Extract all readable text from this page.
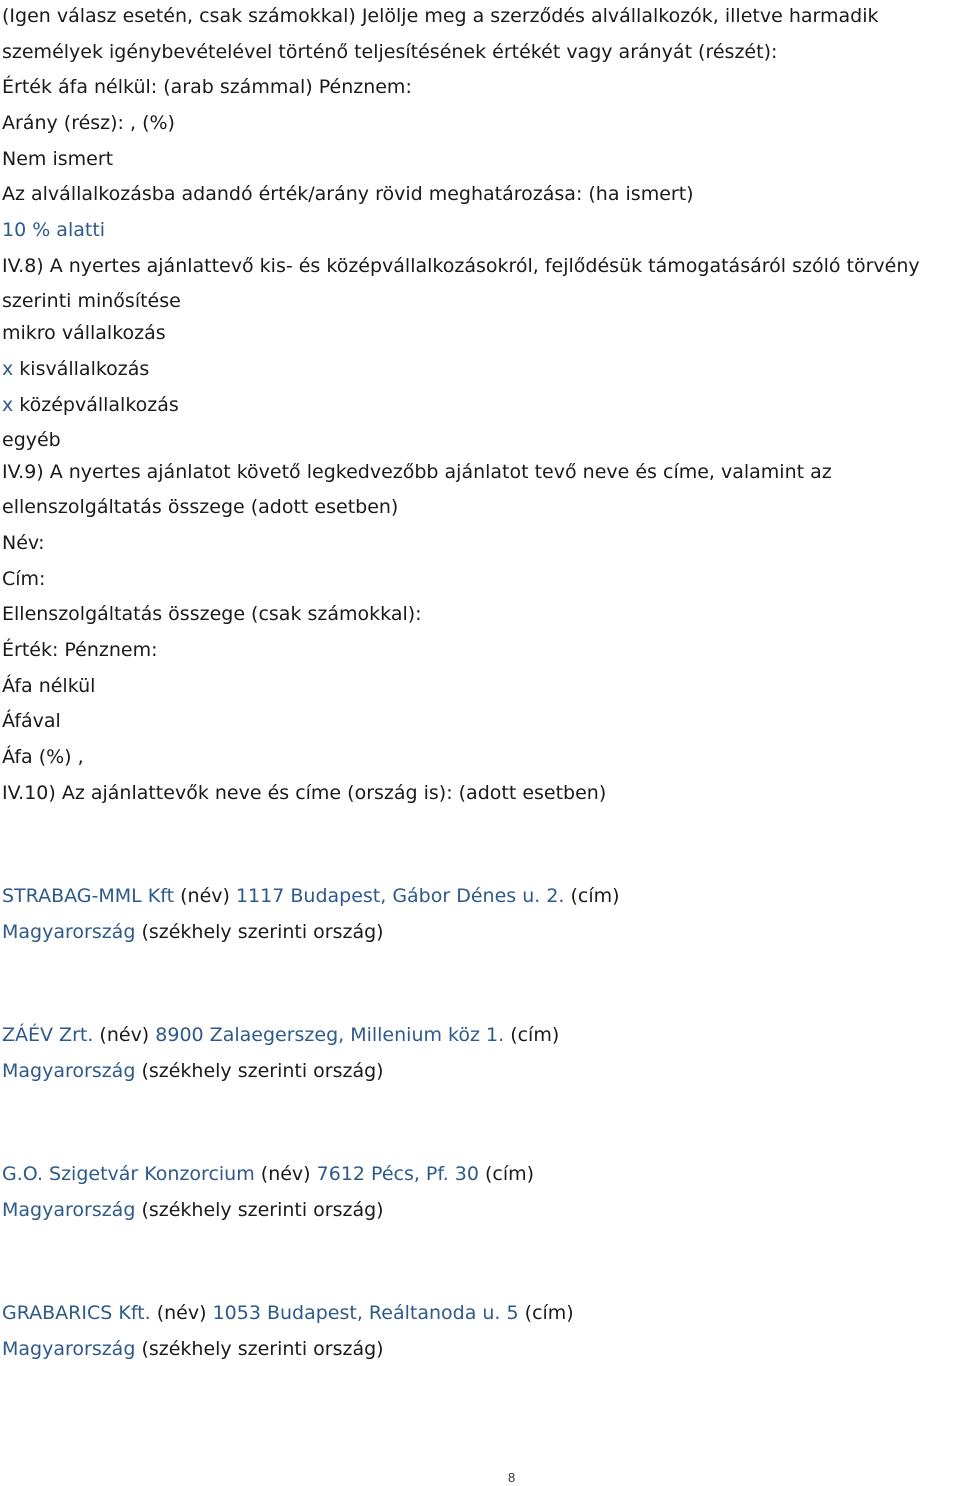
(Igen válasz esetén, csak számokkal) Jelölje meg a szerződés alvállalkozók, illetve harmadik
személyek igénybevételével történő teljesítésének értékét vagy arányát (részét):
Érték áfa nélkül: (arab számmal) Pénznem:
Arány (rész): , (%)
Nem ismert
Az alvállalkozásba adandó érték/arány rövid meghatározása: (ha ismert)
10 % alatti
IV.8) A nyertes ajánlattevő kis- és középvállalkozásokról, fejlődésük támogatásáról szóló törvény
szerinti minősítése
mikro vállalkozás
x kisvállalkozás
x középvállalkozás
egyéb
IV.9) A nyertes ajánlatot követő legkedvezőbb ajánlatot tevő neve és címe, valamint az
ellenszolgáltatás összege (adott esetben)
Név:
Cím:
Ellenszolgáltatás összege (csak számokkal):
Érték: Pénznem:
Áfa nélkül
Áfával
Áfa (%) ,
IV.10) Az ajánlattevők neve és címe (ország is): (adott esetben)
STRABAG-MML Kft (név) 1117 Budapest, Gábor Dénes u. 2. (cím)
Magyarország (székhely szerinti ország)
ZÁÉV Zrt. (név) 8900 Zalaegerszeg, Millenium köz 1. (cím)
Magyarország (székhely szerinti ország)
G.O. Szigetvár Konzorcium (név) 7612 Pécs, Pf. 30 (cím)
Magyarország (székhely szerinti ország)
GRABARICS Kft. (név) 1053 Budapest, Reáltanoda u. 5 (cím)
Magyarország (székhely szerinti ország)
8
